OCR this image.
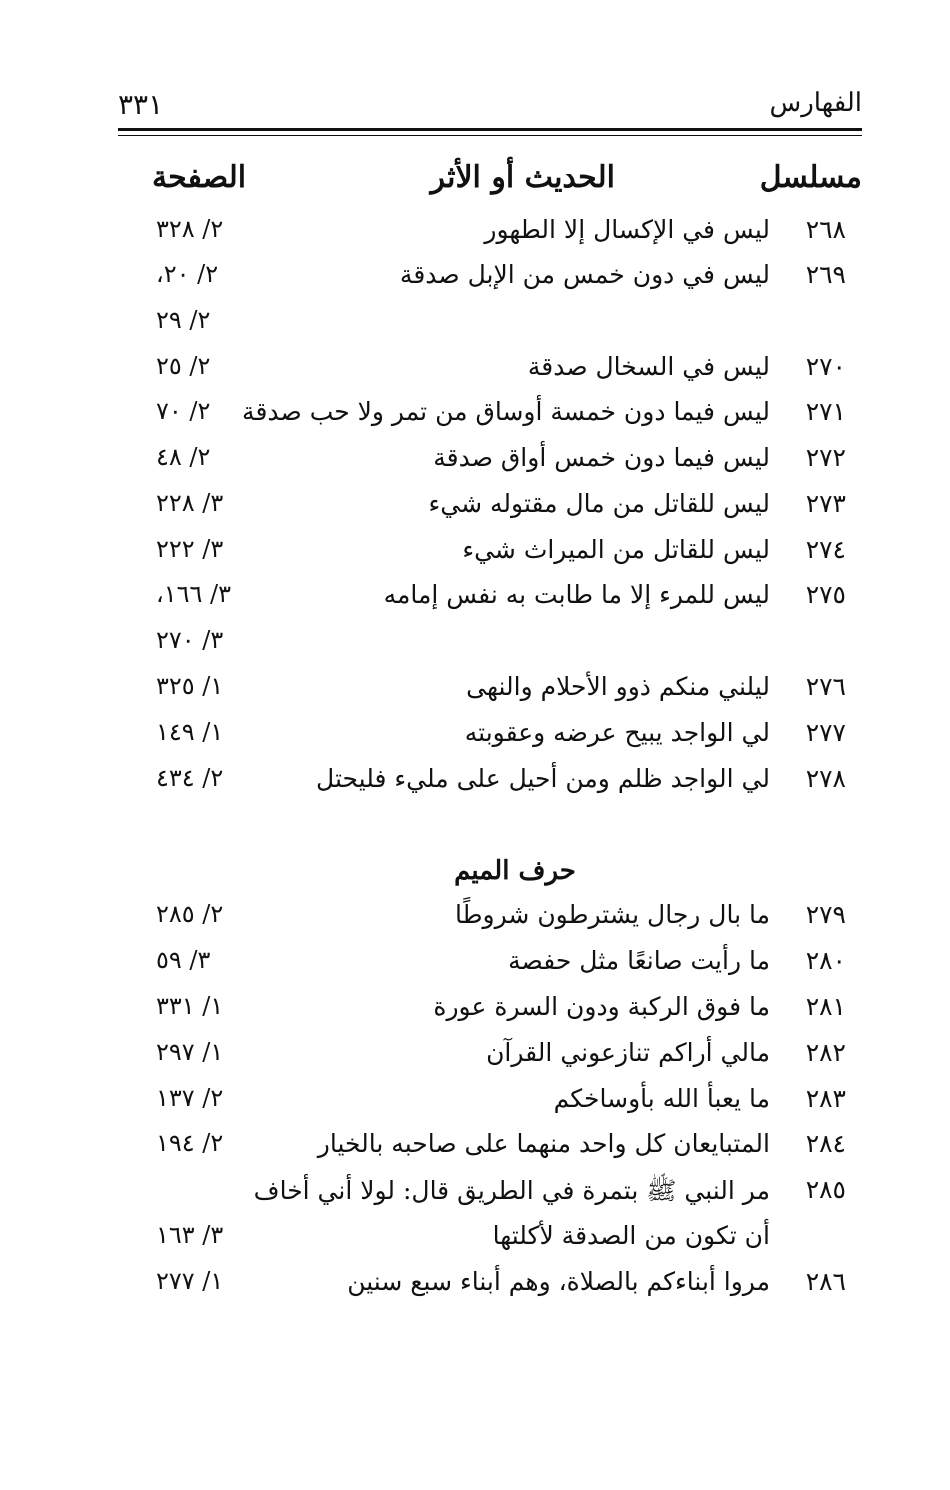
الفهارس
٣٣١
مسلسل
الحديث أو الأثر
الصفحة
٢٦٨
ليس في الإكسال إلا الطهور
٢/ ٣٢٨
٢٦٩
ليس في دون خمس من الإبل صدقة
٢/ ٢٠،
٢/ ٢٩
٢٧٠
ليس في السخال صدقة
٢/ ٢٥
٢٧١
ليس فيما دون خمسة أوساق من تمر ولا حب صدقة
٢/ ٧٠
٢٧٢
ليس فيما دون خمس أواق صدقة
٢/ ٤٨
٢٧٣
ليس للقاتل من مال مقتوله شيء
٣/ ٢٢٨
٢٧٤
ليس للقاتل من الميراث شيء
٣/ ٢٢٢
٢٧٥
ليس للمرء إلا ما طابت به نفس إمامه
٣/ ١٦٦،
٣/ ٢٧٠
٢٧٦
ليلني منكم ذوو الأحلام والنهى
١/ ٣٢٥
٢٧٧
لي الواجد يبيح عرضه وعقوبته
١/ ١٤٩
٢٧٨
لي الواجد ظلم ومن أحيل على مليء فليحتل
٢/ ٤٣٤
حرف الميم
٢٧٩
ما بال رجال يشترطون شروطًا
٢/ ٢٨٥
٢٨٠
ما رأيت صانعًا مثل حفصة
٣/ ٥٩
٢٨١
ما فوق الركبة ودون السرة عورة
١/ ٣٣١
٢٨٢
مالي أراكم تنازعوني القرآن
١/ ٢٩٧
٢٨٣
ما يعبأ الله بأوساخكم
٢/ ١٣٧
٢٨٤
المتبايعان كل واحد منهما على صاحبه بالخيار
٢/ ١٩٤
٢٨٥
مر النبي ﷺ بتمرة في الطريق قال: لولا أني أخاف
أن تكون من الصدقة لأكلتها
٣/ ١٦٣
٢٨٦
مروا أبناءكم بالصلاة، وهم أبناء سبع سنين
١/ ٢٧٧
